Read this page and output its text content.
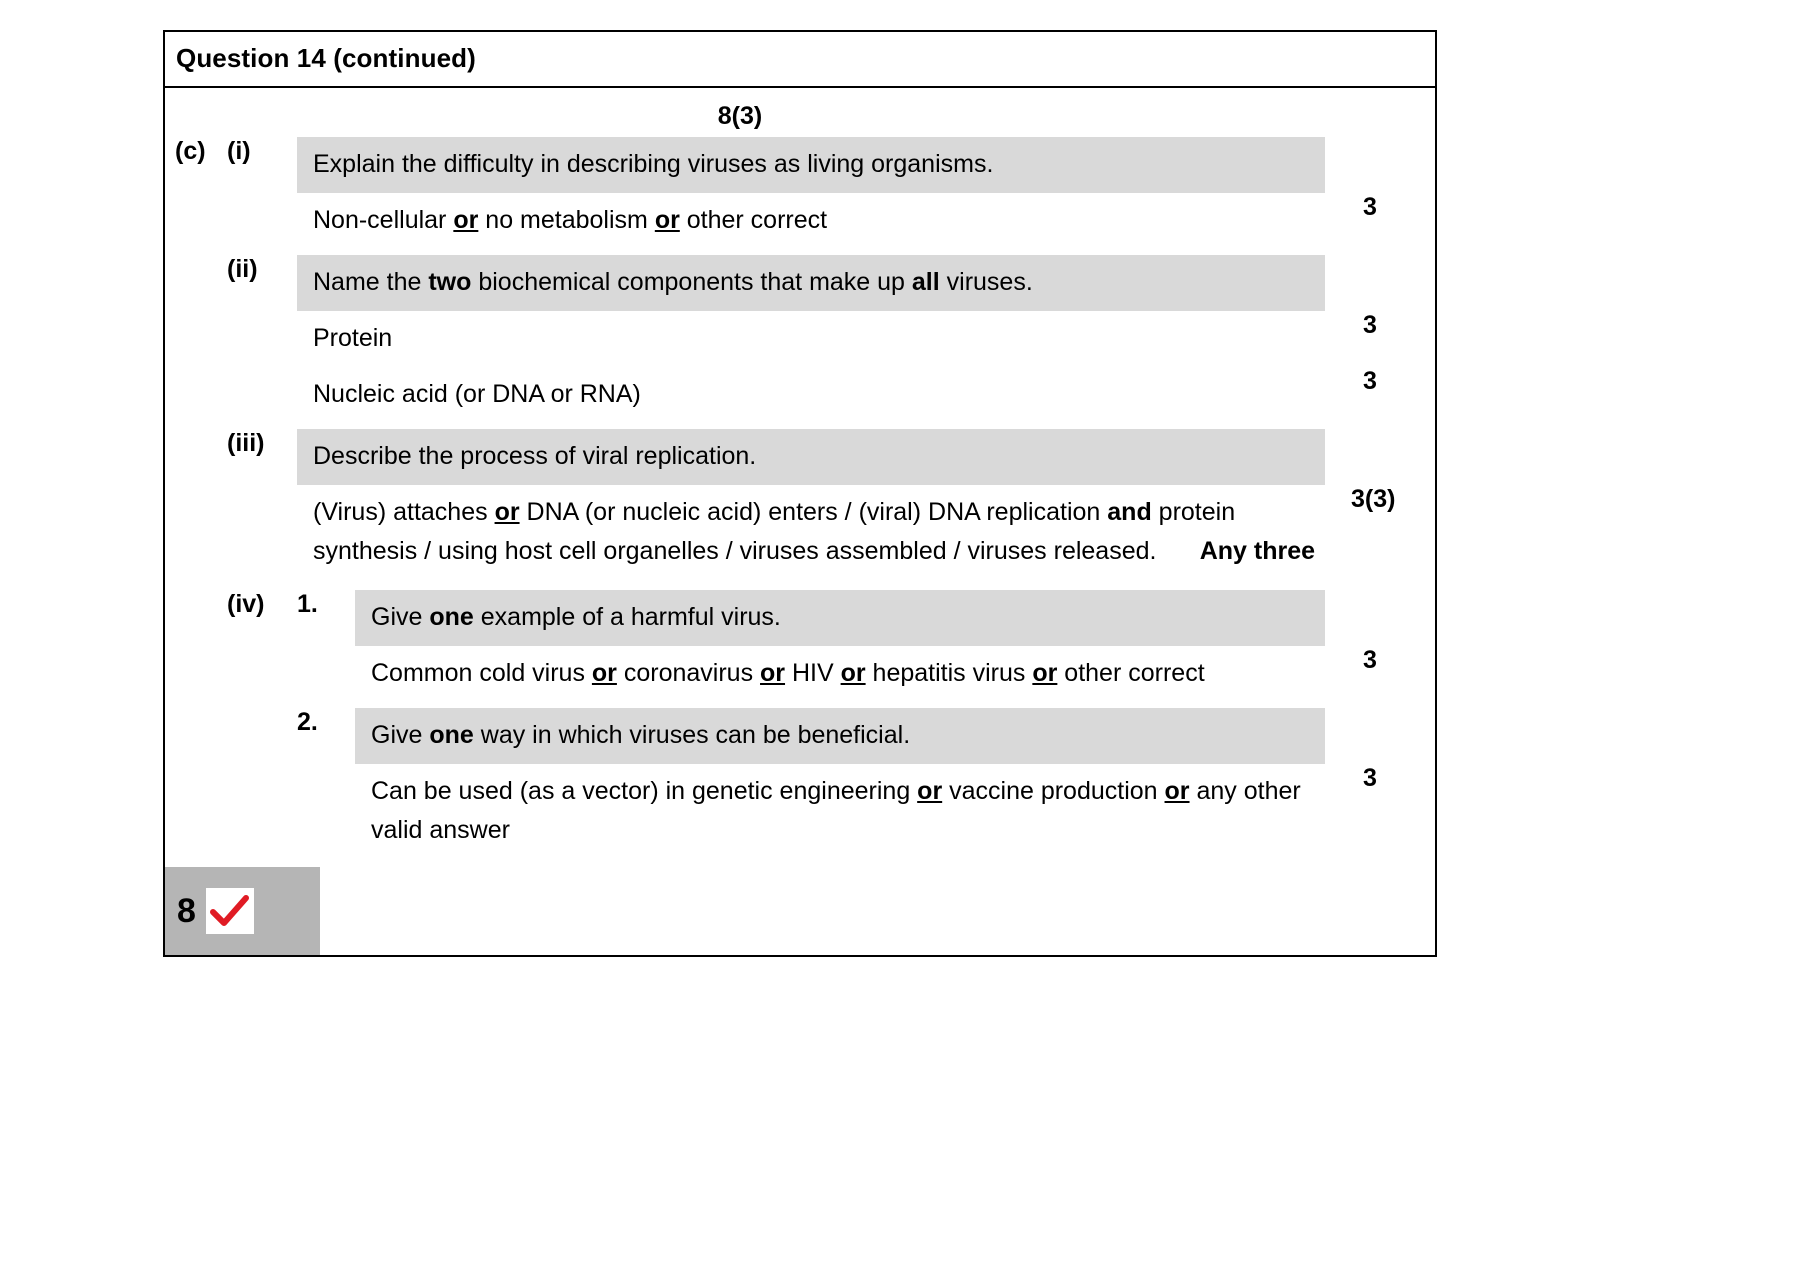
Question 14 (continued)

8(3)
(c) (i)	Explain the difficulty in describing viruses as living organisms.
Non-cellular or no metabolism or other correct	3
(ii)	Name the two biochemical components that make up all viruses.
Protein	3
Nucleic acid (or DNA or RNA)	3
(iii)	Describe the process of viral replication.
(Virus) attaches or DNA (or nucleic acid) enters / (viral) DNA replication and protein synthesis / using host cell organelles / viruses assembled / viruses released.	Any three
3(3)
(iv)	1.	Give one example of a harmful virus.
Common cold virus or coronavirus or HIV or hepatitis virus or other correct	3
2.	Give one way in which viruses can be beneficial.
Can be used (as a vector) in genetic engineering or vaccine production or any other valid answer
3
8
